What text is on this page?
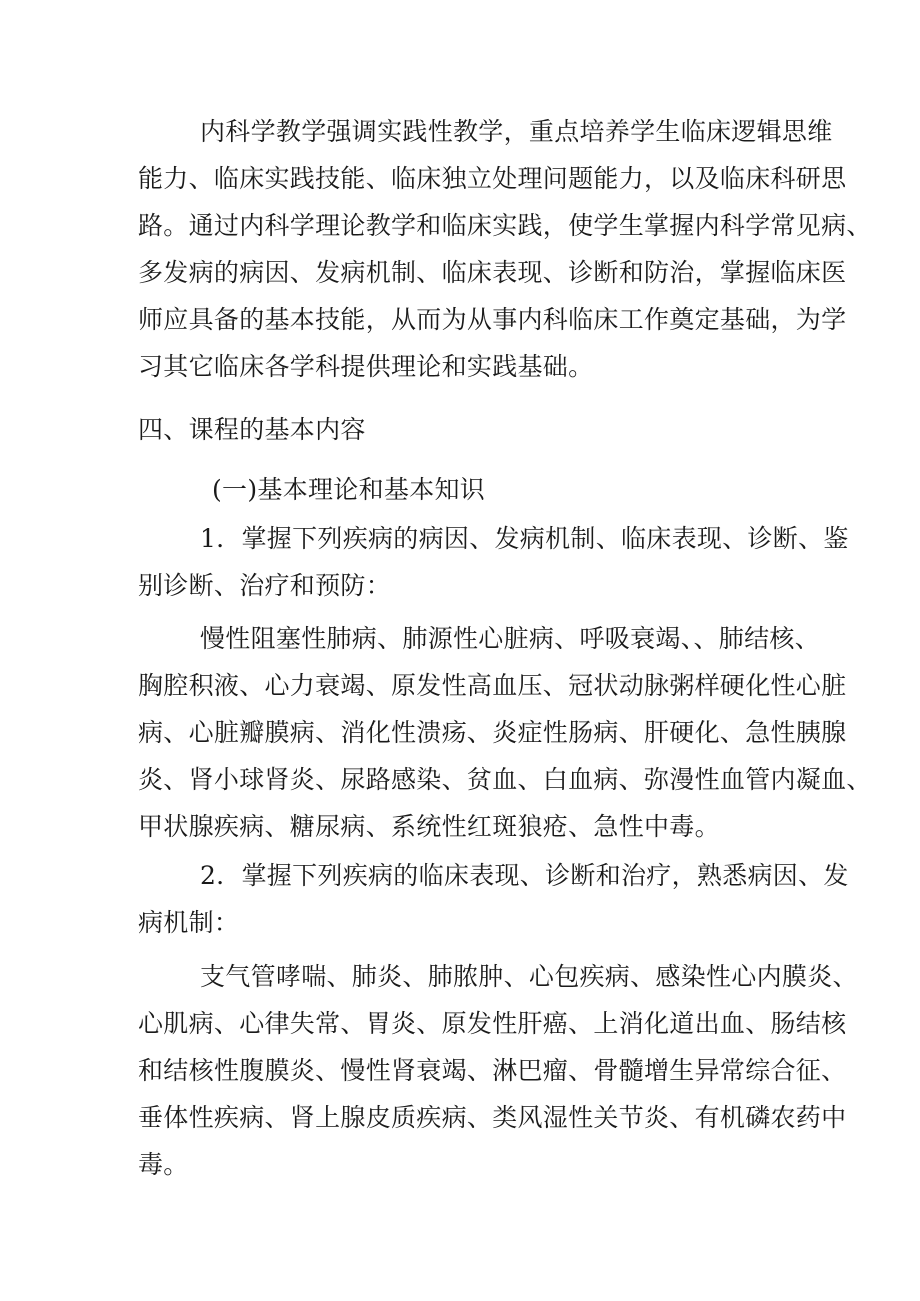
内科学教学强调实践性教学，重点培养学生临床逻辑思维
能力、临床实践技能、临床独立处理问题能力，以及临床科研思
路。通过内科学理论教学和临床实践，使学生掌握内科学常见病、
多发病的病因、发病机制、临床表现、诊断和防治，掌握临床医
师应具备的基本技能，从而为从事内科临床工作奠定基础，为学
习其它临床各学科提供理论和实践基础。
四、课程的基本内容
(一)基本理论和基本知识
1．掌握下列疾病的病因、发病机制、临床表现、诊断、鉴
别诊断、治疗和预防：
慢性阻塞性肺病、肺源性心脏病、呼吸衰竭、、肺结核、
胸腔积液、心力衰竭、原发性高血压、冠状动脉粥样硬化性心脏
病、心脏瓣膜病、消化性溃疡、炎症性肠病、肝硬化、急性胰腺
炎、肾小球肾炎、尿路感染、贫血、白血病、弥漫性血管内凝血、
甲状腺疾病、糖尿病、系统性红斑狼疮、急性中毒。
2．掌握下列疾病的临床表现、诊断和治疗，熟悉病因、发
病机制：
支气管哮喘、肺炎、肺脓肿、心包疾病、感染性心内膜炎、
心肌病、心律失常、胃炎、原发性肝癌、上消化道出血、肠结核
和结核性腹膜炎、慢性肾衰竭、淋巴瘤、骨髓增生异常综合征、
垂体性疾病、肾上腺皮质疾病、类风湿性关节炎、有机磷农药中
毒。
